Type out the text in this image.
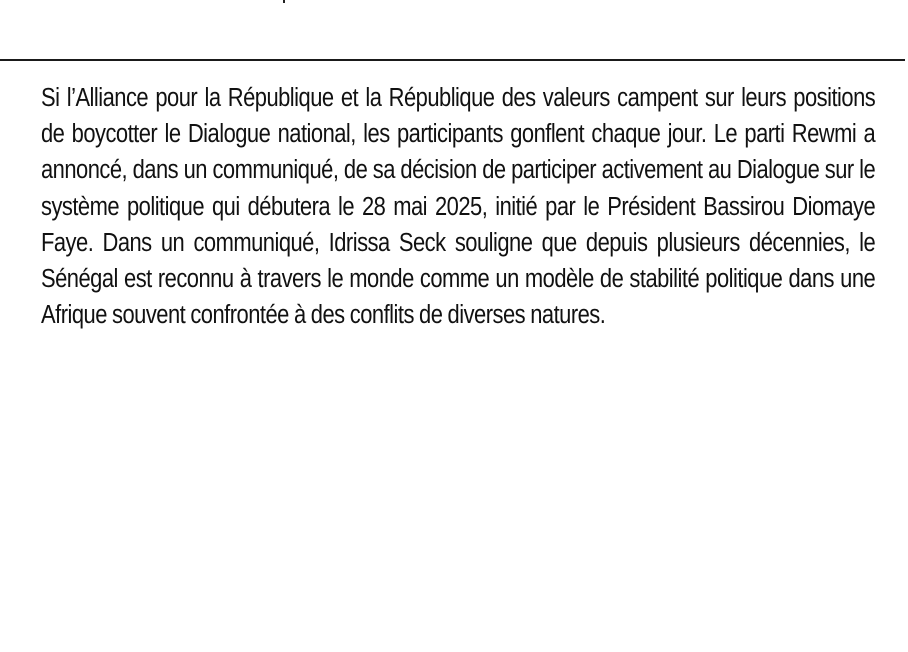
Si l’Alliance pour la République et la République des valeurs campent sur leurs positions de boycotter le Dialogue national, les participants gonflent chaque jour. Le parti Rewmi a annoncé, dans un communiqué, de sa décision de participer activement au Dialogue sur le système politique qui débutera le 28 mai 2025, initié par le Président Bassirou Diomaye Faye. Dans un communiqué, Idrissa Seck souligne que depuis plusieurs décennies, le Sénégal est reconnu à travers le monde comme un modèle de stabilité politique dans une Afrique souvent confrontée à des conflits de diverses natures.
